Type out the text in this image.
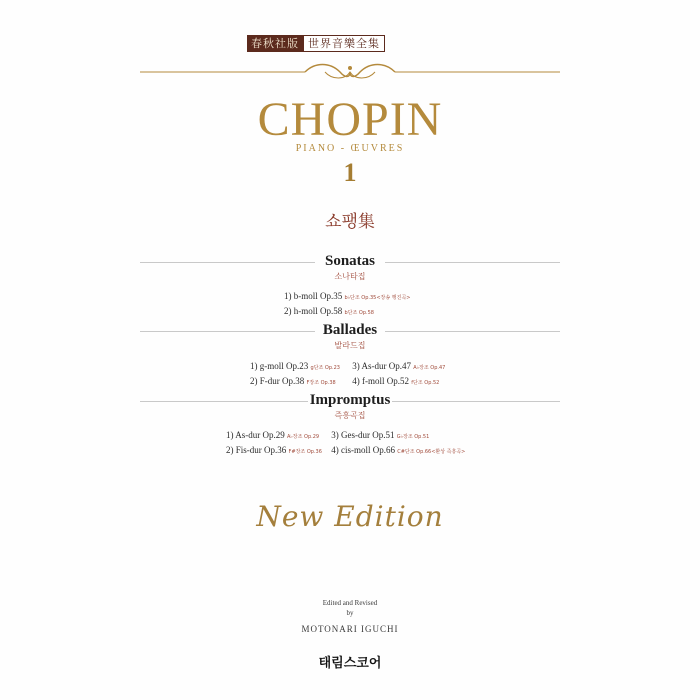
春秋社版 世界音樂全集
CHOPIN
PIANO - ŒUVRES
1
쇼팽集
Sonatas
소나타집
1) b-moll Op.35 b♭단조 Op.35<장송 행진곡>
2) h-moll Op.58 b단조 Op.58
Ballades
발라드집
1) g-moll Op.23 g단조 Op.23 3) As-dur Op.47 A♭장조 Op.47
2) F-dur Op.38 F장조 Op.38 4) f-moll Op.52 f단조 Op.52
Impromptus
즉흥곡집
1) As-dur Op.29 A♭장조 Op.29 3) Ges-dur Op.51 G♭장조 Op.51
2) Fis-dur Op.36 F#장조 Op.36 4) cis-moll Op.66 C#단조 Op.66<환상 즉흥곡>
New Edition
Edited and Revised
by
MOTONARI IGUCHI
태림스코어
